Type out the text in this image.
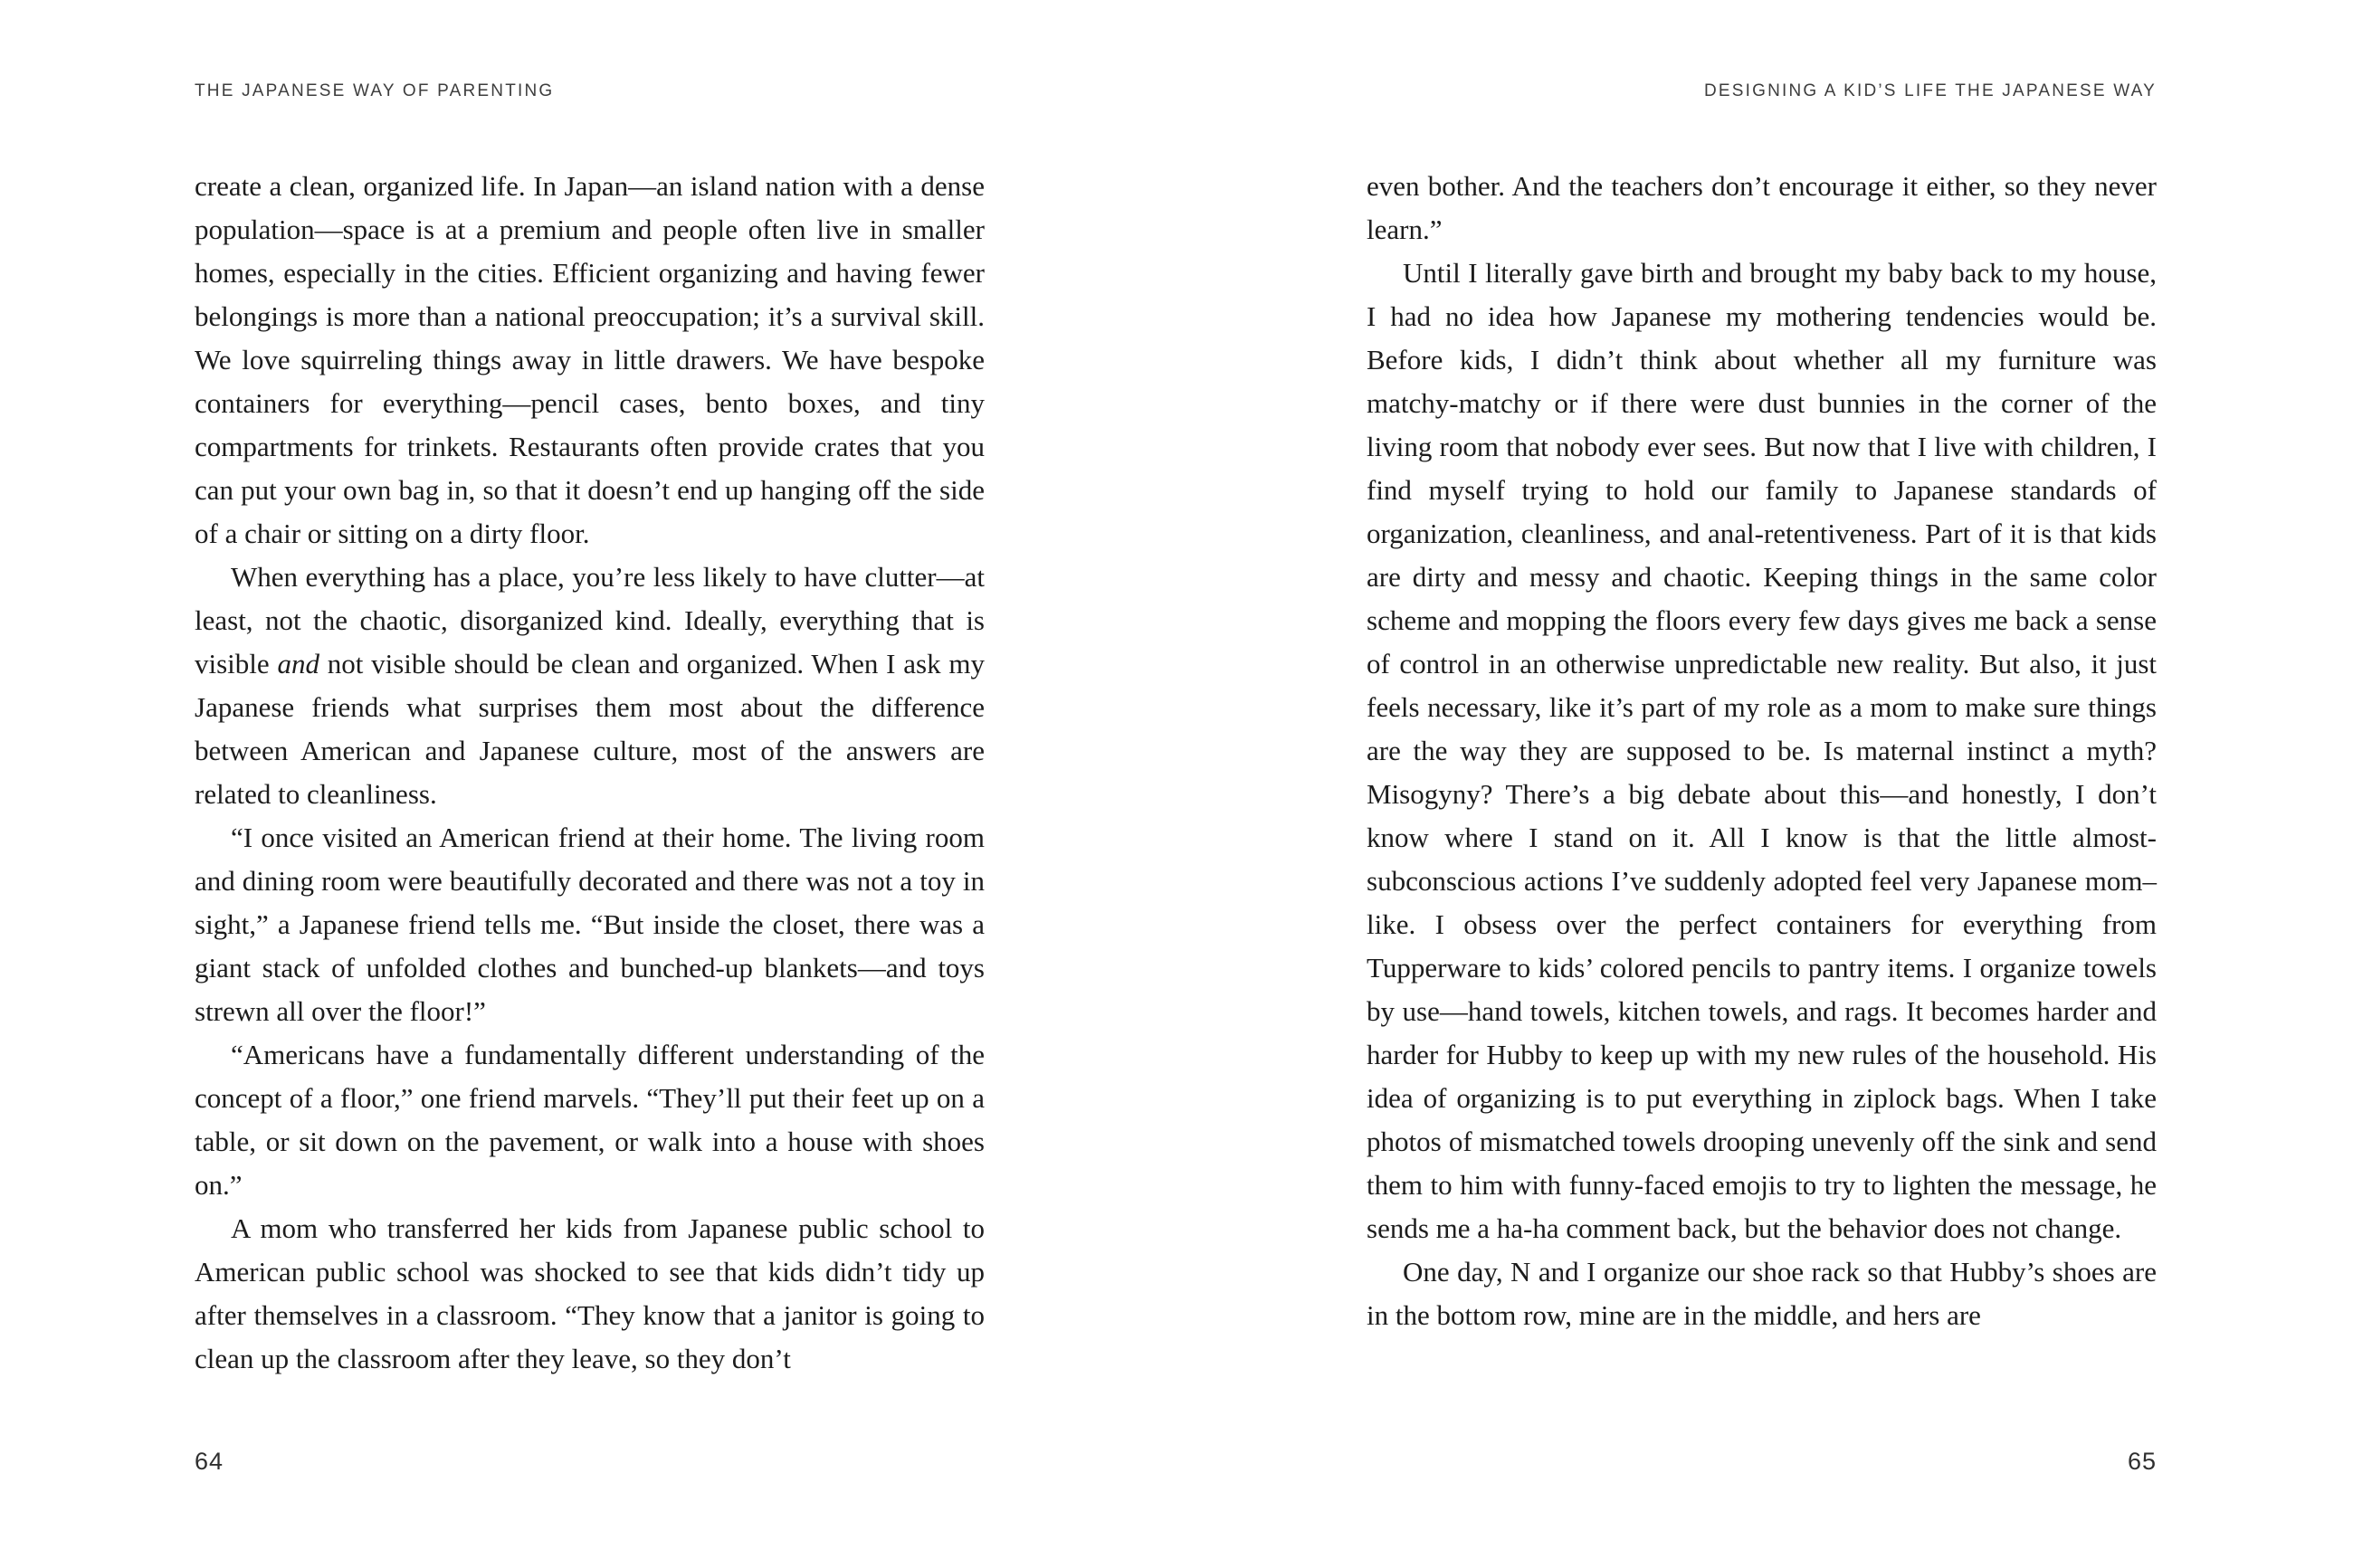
THE JAPANESE WAY OF PARENTING

create a clean, organized life. In Japan—an island nation with a dense population—space is at a premium and people often live in smaller homes, especially in the cities. Efficient organizing and having fewer belongings is more than a national preoccupation; it’s a survival skill. We love squirreling things away in little drawers. We have bespoke containers for everything—pencil cases, bento boxes, and tiny compartments for trinkets. Restaurants often provide crates that you can put your own bag in, so that it doesn’t end up hanging off the side of a chair or sitting on a dirty floor.

When everything has a place, you’re less likely to have clutter—at least, not the chaotic, disorganized kind. Ideally, everything that is visible and not visible should be clean and organized. When I ask my Japanese friends what surprises them most about the difference between American and Japanese culture, most of the answers are related to cleanliness.

“I once visited an American friend at their home. The living room and dining room were beautifully decorated and there was not a toy in sight,” a Japanese friend tells me. “But inside the closet, there was a giant stack of unfolded clothes and bunched-up blankets—and toys strewn all over the floor!”

“Americans have a fundamentally different understanding of the concept of a floor,” one friend marvels. “They’ll put their feet up on a table, or sit down on the pavement, or walk into a house with shoes on.”

A mom who transferred her kids from Japanese public school to American public school was shocked to see that kids didn’t tidy up after themselves in a classroom. “They know that a janitor is going to clean up the classroom after they leave, so they don’t

64
DESIGNING A KID’S LIFE THE JAPANESE WAY

even bother. And the teachers don’t encourage it either, so they never learn.”

Until I literally gave birth and brought my baby back to my house, I had no idea how Japanese my mothering tendencies would be. Before kids, I didn’t think about whether all my furniture was matchy-matchy or if there were dust bunnies in the corner of the living room that nobody ever sees. But now that I live with children, I find myself trying to hold our family to Japanese standards of organization, cleanliness, and anal-retentiveness. Part of it is that kids are dirty and messy and chaotic. Keeping things in the same color scheme and mopping the floors every few days gives me back a sense of control in an otherwise unpredictable new reality. But also, it just feels necessary, like it’s part of my role as a mom to make sure things are the way they are supposed to be. Is maternal instinct a myth? Misogyny? There’s a big debate about this—and honestly, I don’t know where I stand on it. All I know is that the little almost-subconscious actions I’ve suddenly adopted feel very Japanese mom–like. I obsess over the perfect containers for everything from Tupperware to kids’ colored pencils to pantry items. I organize towels by use—hand towels, kitchen towels, and rags. It becomes harder and harder for Hubby to keep up with my new rules of the household. His idea of organizing is to put everything in ziplock bags. When I take photos of mismatched towels drooping unevenly off the sink and send them to him with funny-faced emojis to try to lighten the message, he sends me a ha-ha comment back, but the behavior does not change.

One day, N and I organize our shoe rack so that Hubby’s shoes are in the bottom row, mine are in the middle, and hers are

65
